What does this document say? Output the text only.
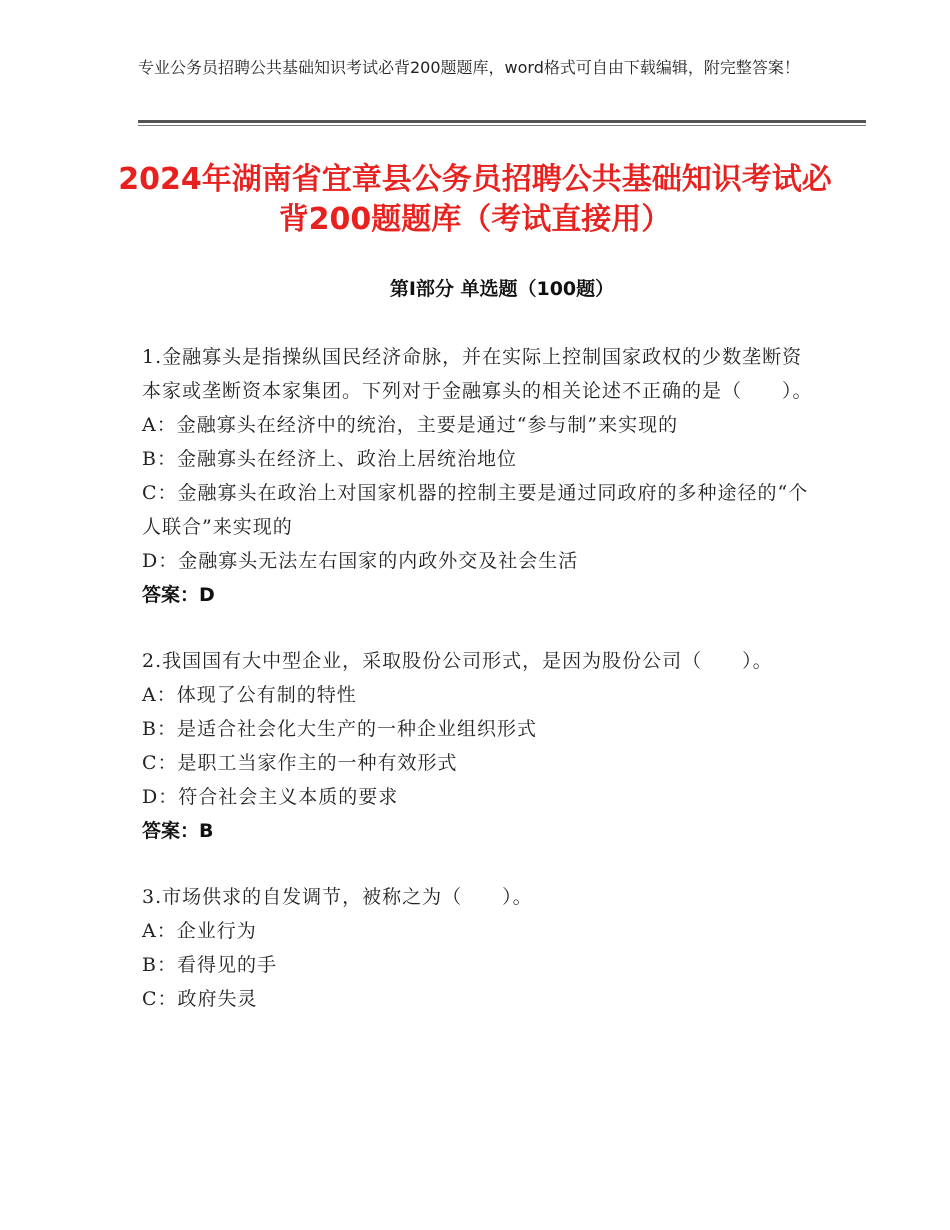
专业公务员招聘公共基础知识考试必背200题题库，word格式可自由下载编辑，附完整答案！
2024年湖南省宜章县公务员招聘公共基础知识考试必背200题题库（考试直接用）
第Ⅰ部分 单选题（100题）
1.金融寡头是指操纵国民经济命脉，并在实际上控制国家政权的少数垄断资本家或垄断资本家集团。下列对于金融寡头的相关论述不正确的是（　　）。
A：金融寡头在经济中的统治，主要是通过“参与制”来实现的
B：金融寡头在经济上、政治上居统治地位
C：金融寡头在政治上对国家机器的控制主要是通过同政府的多种途径的“个人联合”来实现的
D：金融寡头无法左右国家的内政外交及社会生活
答案：D
2.我国国有大中型企业，采取股份公司形式，是因为股份公司（　　）。
A：体现了公有制的特性
B：是适合社会化大生产的一种企业组织形式
C：是职工当家作主的一种有效形式
D：符合社会主义本质的要求
答案：B
3.市场供求的自发调节，被称之为（　　）。
A：企业行为
B：看得见的手
C：政府失灵
